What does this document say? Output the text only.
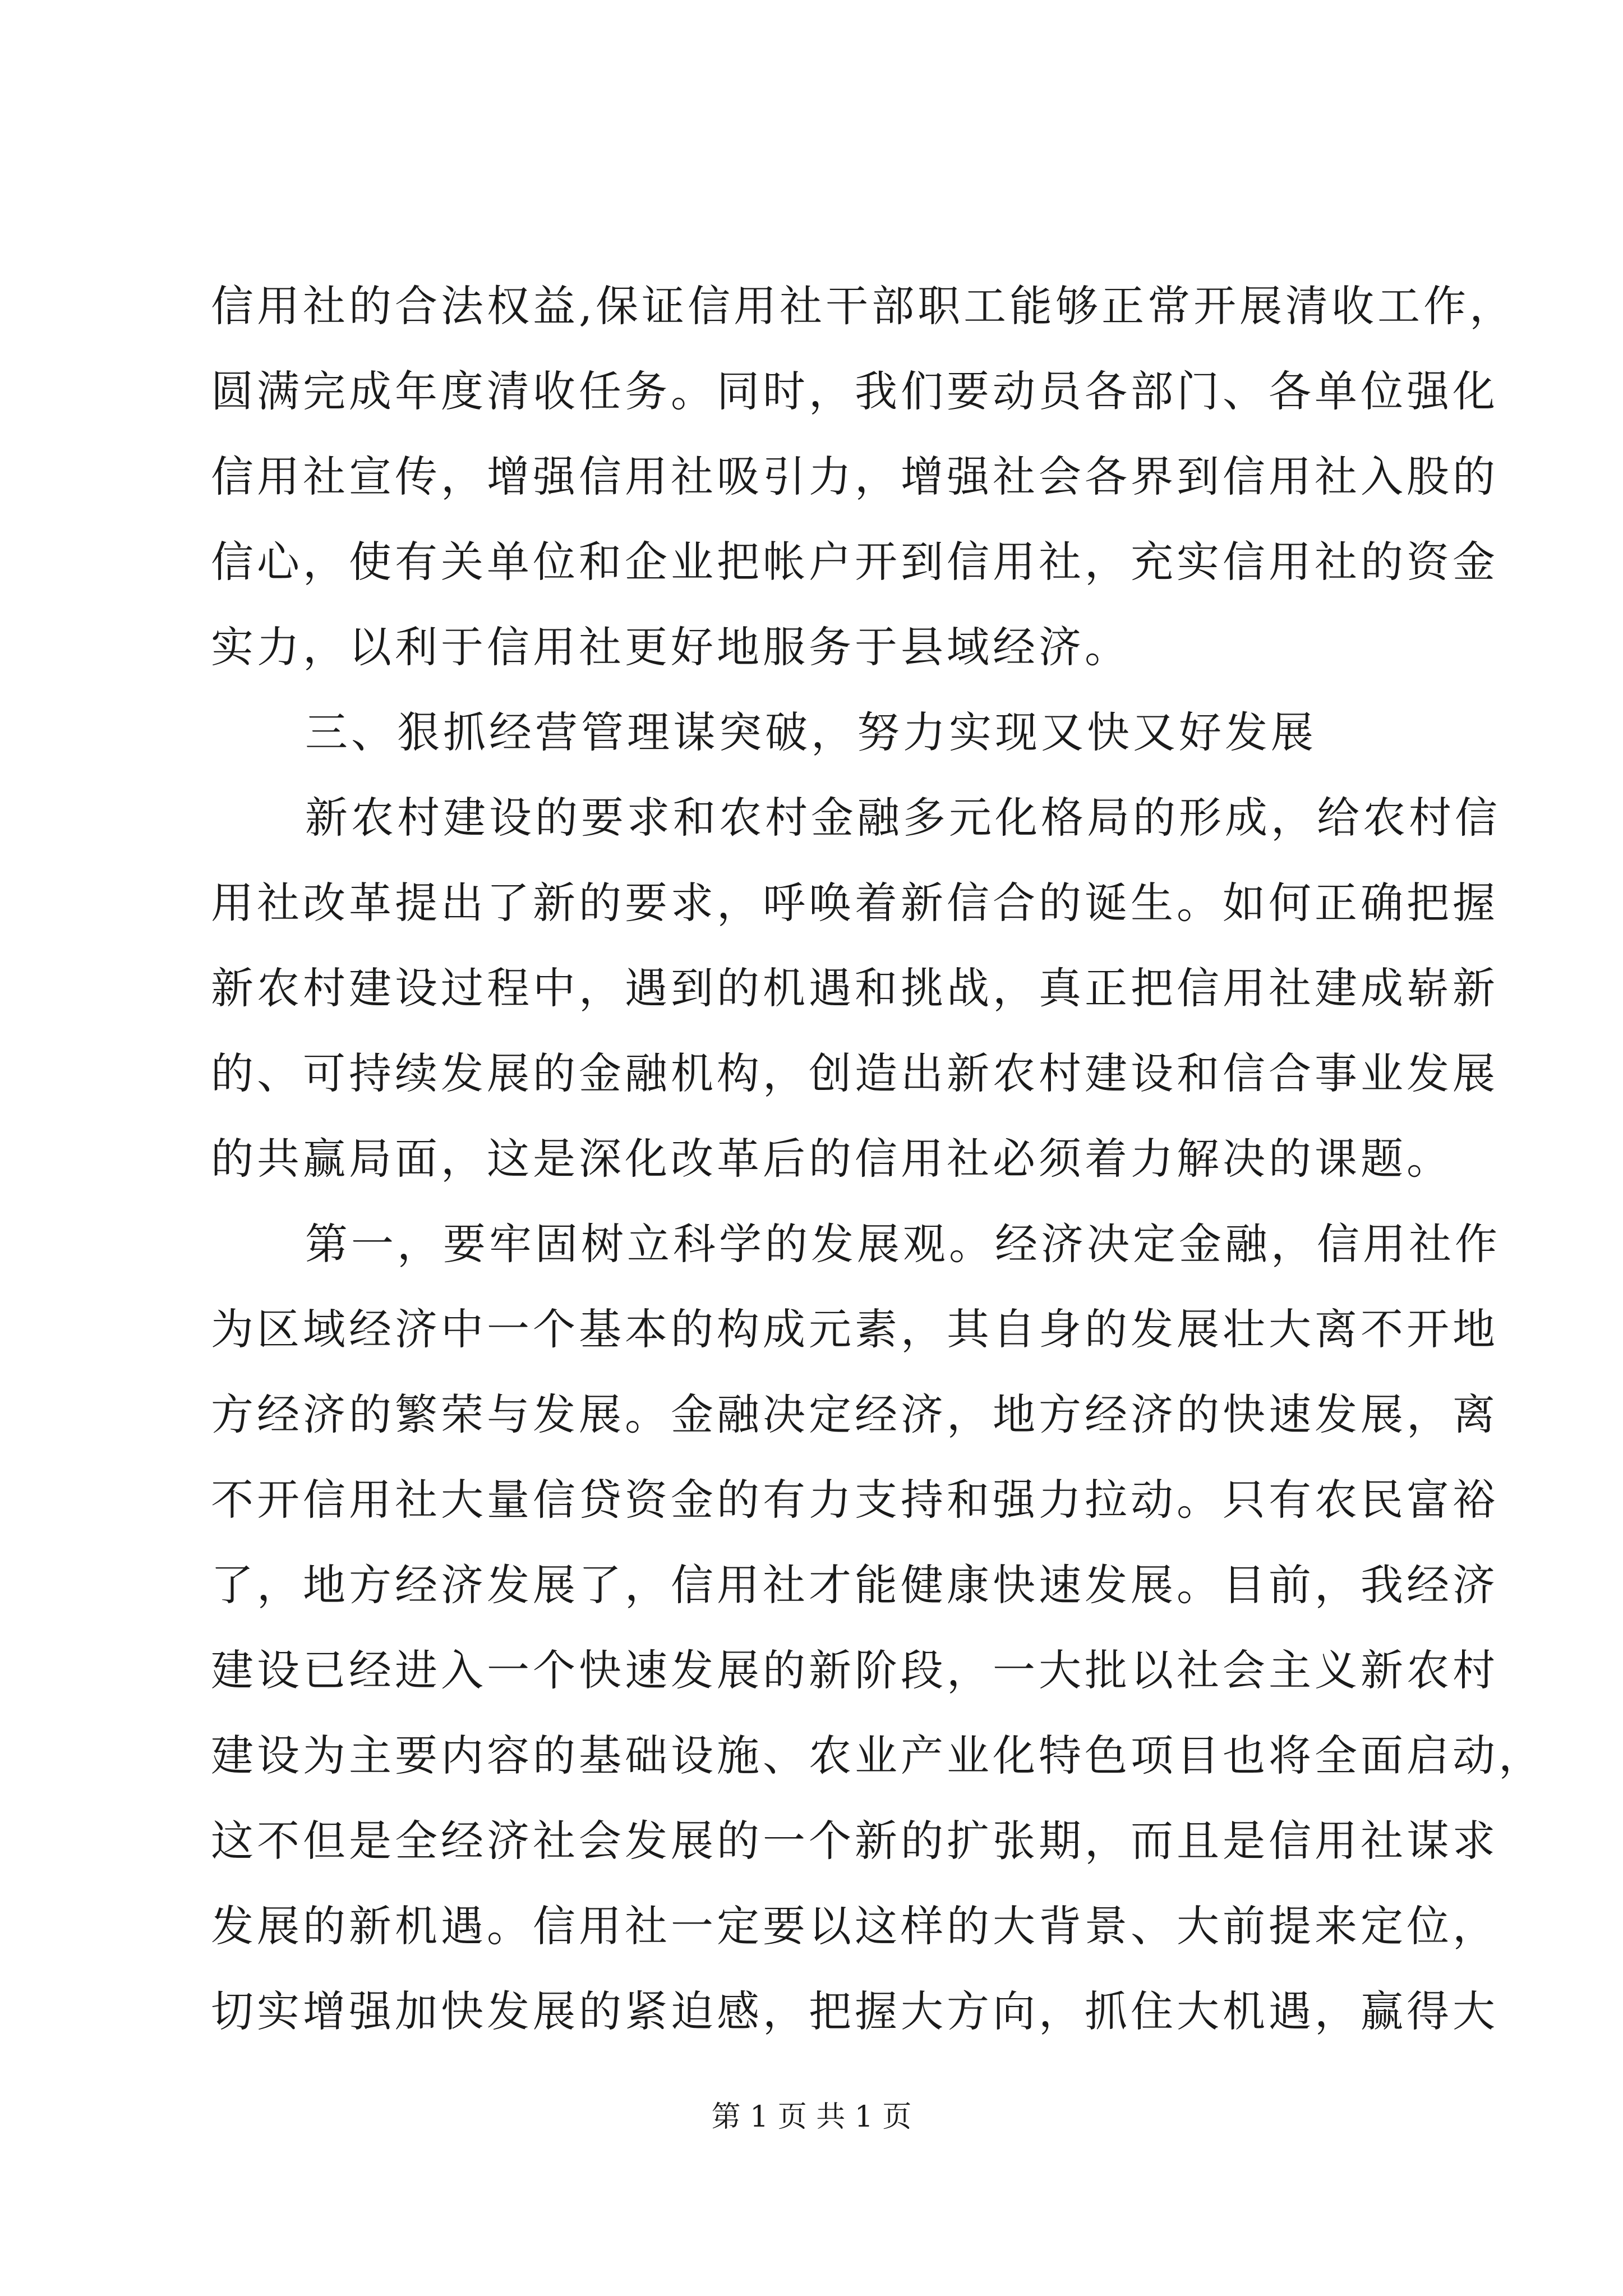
信用社的合法权益,保证信用社干部职工能够正常开展清收工作，
圆满完成年度清收任务。同时，我们要动员各部门、各单位强化
信用社宣传，增强信用社吸引力，增强社会各界到信用社入股的
信心，使有关单位和企业把帐户开到信用社，充实信用社的资金
实力，以利于信用社更好地服务于县域经济。
三、狠抓经营管理谋突破，努力实现又快又好发展
新农村建设的要求和农村金融多元化格局的形成，给农村信
用社改革提出了新的要求，呼唤着新信合的诞生。如何正确把握
新农村建设过程中，遇到的机遇和挑战，真正把信用社建成崭新
的、可持续发展的金融机构，创造出新农村建设和信合事业发展
的共赢局面，这是深化改革后的信用社必须着力解决的课题。
第一，要牢固树立科学的发展观。经济决定金融，信用社作
为区域经济中一个基本的构成元素，其自身的发展壮大离不开地
方经济的繁荣与发展。金融决定经济，地方经济的快速发展，离
不开信用社大量信贷资金的有力支持和强力拉动。只有农民富裕
了，地方经济发展了，信用社才能健康快速发展。目前，我经济
建设已经进入一个快速发展的新阶段，一大批以社会主义新农村
建设为主要内容的基础设施、农业产业化特色项目也将全面启动，
这不但是全经济社会发展的一个新的扩张期，而且是信用社谋求
发展的新机遇。信用社一定要以这样的大背景、大前提来定位，
切实增强加快发展的紧迫感，把握大方向，抓住大机遇，赢得大
第 1 页 共 1 页
